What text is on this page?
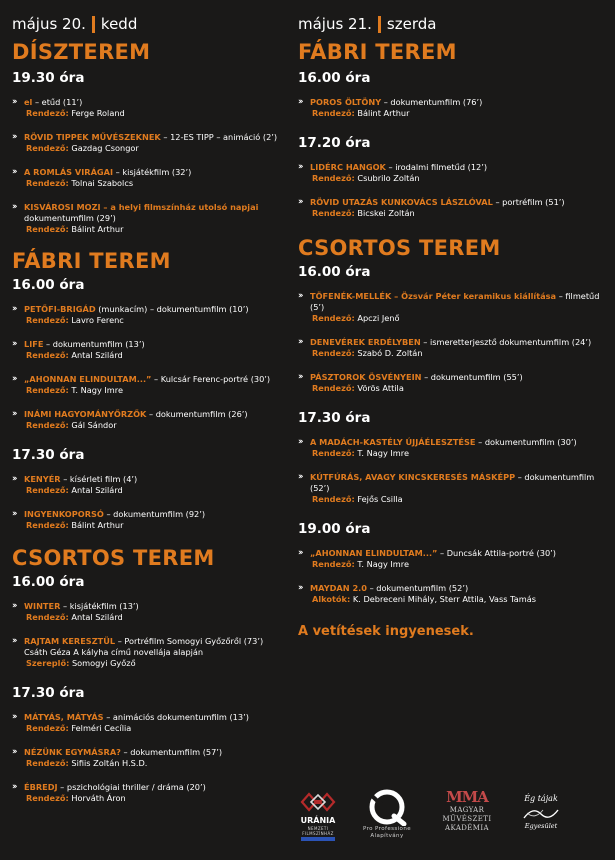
május 20. kedd
DÍSZTEREM
19.30 óra
›› el – etűd (11’)
Rendező: Ferge Roland
›› RÖVID TIPPEK MŰVÉSZEKNEK – 12-ES TIPP – animáció (2’)
Rendező: Gazdag Csongor
›› A ROMLÁS VIRÁGAI – kisjátékfilm (32’)
Rendező: Tolnai Szabolcs
›› KISVÁROSI MOZI – a helyi filmszínház utolsó napjai
dokumentumfilm (29’)
Rendező: Bálint Arthur
FÁBRI TEREM
16.00 óra
›› PETŐFI-BRIGÁD (munkacím) – dokumentumfilm (10’)
Rendező: Lavro Ferenc
›› LIFE – dokumentumfilm (13’)
Rendező: Antal Szilárd
›› „AHONNAN ELINDULTAM...” – Kulcsár Ferenc-portré (30’)
Rendező: T. Nagy Imre
›› INÁMI HAGYOMÁNYŐRZŐK – dokumentumfilm (26’)
Rendező: Gál Sándor
17.30 óra
›› KENYÉR – kísérleti film (4’)
Rendező: Antal Szilárd
›› INGYENKOPORSÓ – dokumentumfilm (92’)
Rendező: Bálint Arthur
CSORTOS TEREM
16.00 óra
›› WINTER – kisjátékfilm (13’)
Rendező: Antal Szilárd
›› RAJTAM KERESZTÜL – Portréfilm Somogyi Győzőről (73’)
Csáth Géza A kályha című novellája alapján
Szereplő: Somogyi Győző
17.30 óra
›› MÁTYÁS, MÁTYÁS – animációs dokumentumfilm (13’)
Rendező: Felméri Cecília
›› NÉZÜNK EGYMÁSRA? – dokumentumfilm (57’)
Rendező: Sifiis Zoltán H.S.D.
›› ÉBREDJ – pszichológiai thriller / dráma (20’)
Rendező: Horváth Áron
május 21. szerda
FÁBRI TEREM
16.00 óra
›› POROS ÖLTÖNY – dokumentumfilm (76’)
Rendező: Bálint Arthur
17.20 óra
›› LIDÉRC HANGOK – irodalmi filmetűd (12’)
Rendező: Csubrilo Zoltán
›› RÖVID UTAZÁS KUNKOVÁCS LÁSZLÓVAL – portréfilm (51’)
Rendező: Bicskei Zoltán
CSORTOS TEREM
16.00 óra
›› TÖFENÉK-MELLÉK – Özsvár Péter keramikus kiállítása – filmetűd (5’)
Rendező: Apczi Jenő
›› DENEVÉREK ERDÉLYBEN – ismeretterjesztő dokumentumfilm (24’)
Rendező: Szabó D. Zoltán
›› PÁSZTOROK ÖSVÉNYEIN – dokumentumfilm (55’)
Rendező: Vörös Attila
17.30 óra
›› A MADÁCH-KASTÉLY ÚJJÁÉLESZTÉSE – dokumentumfilm (30’)
Rendező: T. Nagy Imre
›› KÚTFÚRÁS, AVAGY KINCSKERESÉS MÁSKÉPP – dokumentumfilm (52’)
Rendező: Fejős Csilla
19.00 óra
›› „AHONNAN ELINDULTAM...” – Duncsák Attila-portré (30’)
Rendező: T. Nagy Imre
›› MAYDAN 2.0 – dokumentumfilm (52’)
Alkotók: K. Debreceni Mihály, Sterr Attila, Vass Tamás
A vetítések ingyenesek.
URÁNIA
NEMZETI FILMSZÍNHÁZ
Pro Professione
Alapítvány
MMA
MAGYAR
MŰVÉSZETI
AKADÉMIA
Ég tájak
Egyesület
